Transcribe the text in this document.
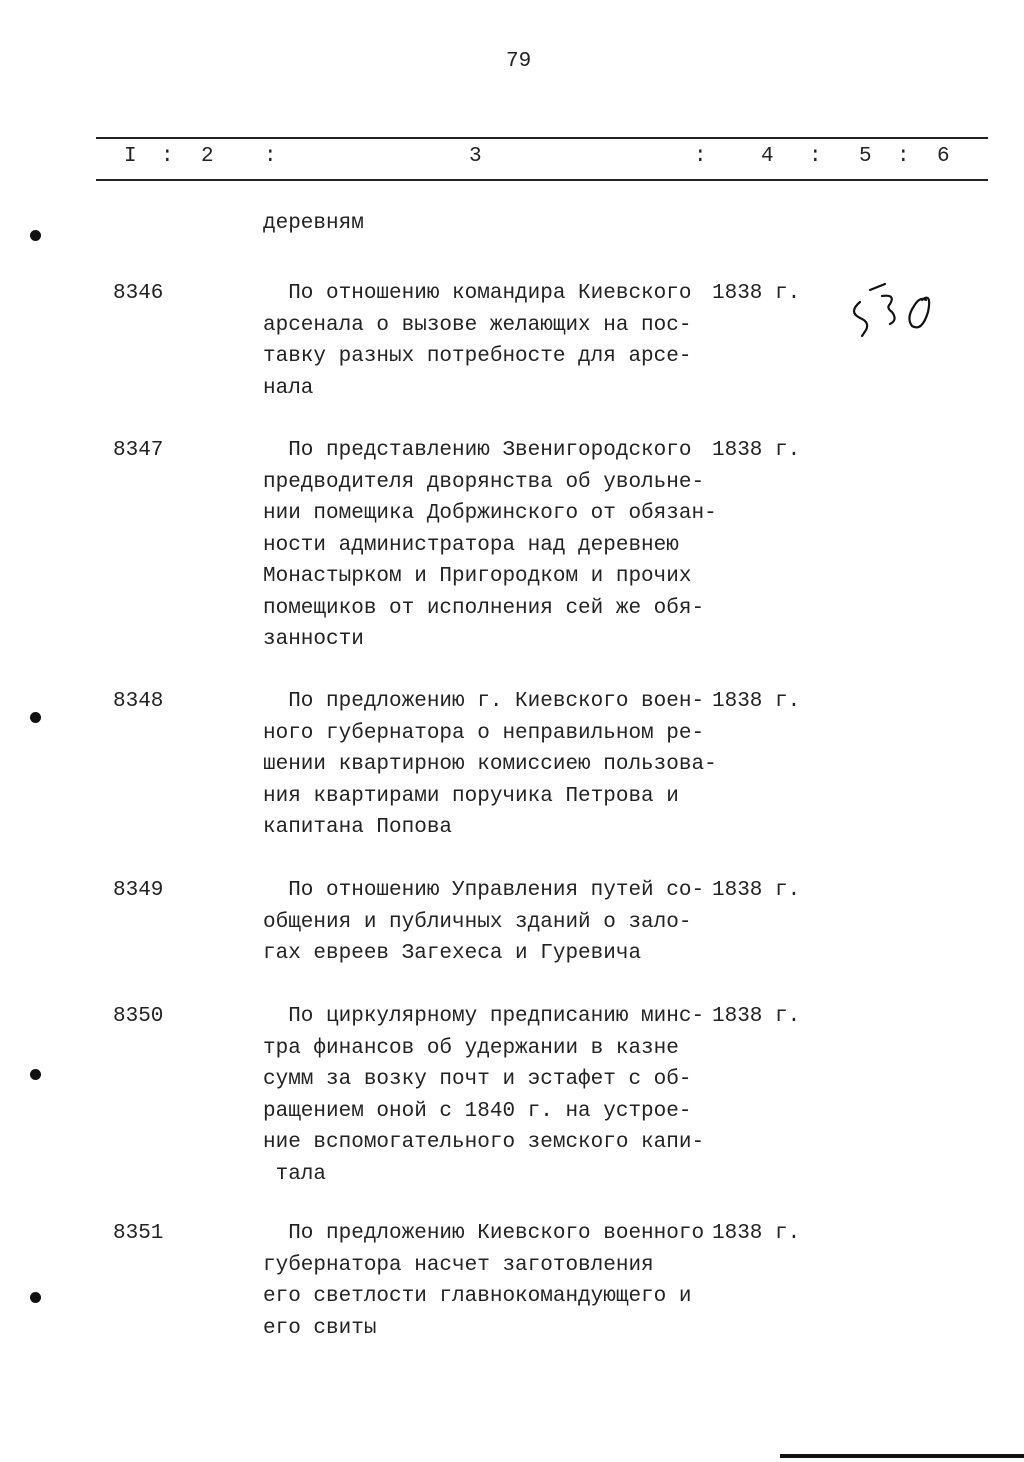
79
I : 2 :	3	:	4 : 5 : 6
деревням
8346	По отношению командира Киевского
арсенала о вызове желающих на пос-
тавку разных потребносте для арсе-
нала
1838 г.
8347	По представлению Звенигородского
предводителя дворянства об увольне-
нии помещика Добржинского от обязан-
ности администратора над деревнею
Монастырком и Пригородком и прочих
помещиков от исполнения сей же обя-
занности
1838 г.
8348	По предложению г. Киевского воен-
ного губернатора о неправильном ре-
шении квартирною комиссиею пользова-
ния квартирами поручика Петрова и
капитана Попова
1838 г.
8349	По отношению Управления путей со-
общения и публичных зданий о зало-
гах евреев Загехеса и Гуревича
1838 г.
8350	По циркулярному предписанию минс-
тра финансов об удержании в казне
сумм за возку почт и эстафет с об-
ращением оной с 1840 г. на устрое-
ние вспомогательного земского капи-
тала
1838 г.
8351	По предложению Киевского военного
губернатора насчет заготовления
его светлости главнокомандующего и
его свиты
1838 г.
